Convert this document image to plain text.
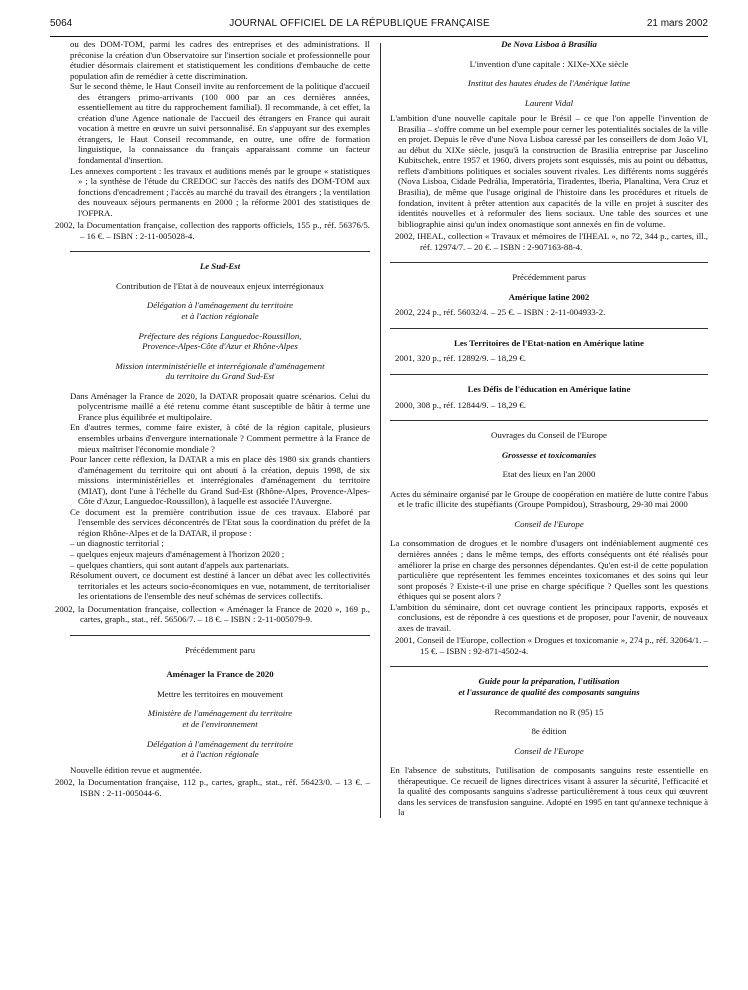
5064	JOURNAL OFFICIEL DE LA RÉPUBLIQUE FRANÇAISE	21 mars 2002

ou des DOM-TOM, parmi les cadres des entreprises et des administrations. Il préconise la création d'un Observatoire sur l'insertion sociale et professionnelle pour étudier désormais clairement et statistiquement les conditions d'embauche de cette population afin de remédier à cette discrimination.

Sur le second thème, le Haut Conseil invite au renforcement de la politique d'accueil des étrangers primo-arrivants (100 000 par an ces dernières années, essentiellement au titre du rapprochement familial). Il recommande, à cet effet, la création d'une Agence nationale de l'accueil des étrangers en France qui aurait vocation à mettre en œuvre un suivi personnalisé. En s'appuyant sur des exemples étrangers, le Haut Conseil recommande, en outre, une offre de formation linguistique, la connaissance du français apparaissant comme un facteur fondamental d'insertion.

Les annexes comportent : les travaux et auditions menés par le groupe « statistiques » ; la synthèse de l'étude du CREDOC sur l'accès des natifs des DOM-TOM aux fonctions d'encadrement ; l'accès au marché du travail des étrangers ; la ventilation des nouveaux séjours permanents en 2000 ; la réforme 2001 des statistiques de l'OFPRA.

2002, la Documentation française, collection des rapports officiels, 155 p., réf. 56376/5. – 16 €. – ISBN : 2-11-005028-4.

Le Sud-Est

Contribution de l'Etat à de nouveaux enjeux interrégionaux

Délégation à l'aménagement du territoire

et à l'action régionale

Préfecture des régions Languedoc-Roussillon,

Provence-Alpes-Côte d'Azur et Rhône-Alpes

Mission interministérielle et interrégionale d'aménagement

du territoire du Grand Sud-Est

Dans Aménager la France de 2020, la DATAR proposait quatre scénarios. Celui du polycentrisme maillé a été retenu comme étant susceptible de bâtir à terme une France plus équilibrée et multipolaire.

En d'autres termes, comme faire exister, à côté de la région capitale, plusieurs ensembles urbains d'envergure internationale ? Comment permettre à la France de mieux maîtriser l'économie mondiale ?

Pour lancer cette réflexion, la DATAR a mis en place dès 1980 six grands chantiers d'aménagement du territoire qui ont abouti à la création, depuis 1998, de six missions interministérielles et interrégionales d'aménagement du territoire (MIAT), dont l'une à l'échelle du Grand Sud-Est (Rhône-Alpes, Provence-Alpes-Côte d'Azur, Languedoc-Roussillon), à laquelle est associée l'Auvergne.

Ce document est la première contribution issue de ces travaux. Elaboré par l'ensemble des services déconcentrés de l'Etat sous la coordination du préfet de la région Rhône-Alpes et de la DATAR, il propose :

– un diagnostic territorial ;

– quelques enjeux majeurs d'aménagement à l'horizon 2020 ;

– quelques chantiers, qui sont autant d'appels aux partenariats.

Résolument ouvert, ce document est destiné à lancer un débat avec les collectivités territoriales et les acteurs socio-économiques en vue, notamment, de territorialiser les orientations de l'ensemble des neuf schémas de services collectifs.

2002, la Documentation française, collection « Aménager la France de 2020 », 169 p., cartes, graph., stat., réf. 56506/7. – 18 €. – ISBN : 2-11-005079-9.

Précédemment paru

Aménager la France de 2020

Mettre les territoires en mouvement

Ministère de l'aménagement du territoire

et de l'environnement

Délégation à l'aménagement du territoire

et à l'action régionale

Nouvelle édition revue et augmentée.

2002, la Documentation française, 112 p., cartes, graph., stat., réf. 56423/0. – 13 €. – ISBN : 2-11-005044-6.

De Nova Lisboa à Brasilia

L'invention d'une capitale : XIXe-XXe siècle

Institut des hautes études de l'Amérique latine

Laurent Vidal

L'ambition d'une nouvelle capitale pour le Brésil – ce que l'on appelle l'invention de Brasilia – s'offre comme un bel exemple pour cerner les potentialités sociales de la ville en projet. Depuis le rêve d'une Nova Lisboa caressé par les conseillers de dom João VI, au début du XIXe siècle, jusqu'à la construction de Brasilia entreprise par Juscelino Kubitschek, entre 1957 et 1960, divers projets sont esquissés, mis au point ou débattus, reflets d'ambitions politiques et sociales souvent rivales. Les différents noms suggérés (Nova Lisboa, Cidade Pedrália, Imperatória, Tiradentes, Iberia, Planaltina, Vera Cruz et Brasilia), de même que l'usage original de l'histoire dans les procédures et rituels de fondation, invitent à prêter attention aux capacités de la ville en projet à susciter des identités nouvelles et à reformuler des liens sociaux. Une table des sources et une bibliographie ainsi qu'un index onomastique sont annexés en fin de volume.

2002, IHEAL, collection « Travaux et mémoires de l'IHEAL », no 72, 344 p., cartes, ill., réf. 12974/7. – 20 €. – ISBN : 2-907163-88-4.

Précédemment parus

Amérique latine 2002

2002, 224 p., réf. 56032/4. – 25 €. – ISBN : 2-11-004933-2.

Les Territoires de l'Etat-nation en Amérique latine

2001, 320 p., réf. 12892/9. – 18,29 €.

Les Défis de l'éducation en Amérique latine

2000, 308 p., réf. 12844/9. – 18,29 €.

Ouvrages du Conseil de l'Europe

Grossesse et toxicomanies

Etat des lieux en l'an 2000

Actes du séminaire organisé par le Groupe de coopération en matière de lutte contre l'abus et le trafic illicite des stupéfiants (Groupe Pompidou), Strasbourg, 29-30 mai 2000

Conseil de l'Europe

La consommation de drogues et le nombre d'usagers ont indéniablement augmenté ces dernières années ; dans le même temps, des efforts conséquents ont été réalisés pour améliorer la prise en charge des personnes dépendantes. Qu'en est-il de cette population particulière que représentent les femmes enceintes toxicomanes et des soins qui leur sont proposés ? Existe-t-il une prise en charge spécifique ? Quelles sont les questions éthiques qui se posent alors ?

L'ambition du séminaire, dont cet ouvrage contient les principaux rapports, exposés et conclusions, est de répondre à ces questions et de proposer, pour l'avenir, de nouveaux axes de travail.

2001, Conseil de l'Europe, collection « Drogues et toxicomanie », 274 p., réf. 32064/1. – 15 €. – ISBN : 92-871-4502-4.

Guide pour la préparation, l'utilisation

et l'assurance de qualité des composants sanguins

Recommandation no R (95) 15

8e édition

Conseil de l'Europe

En l'absence de substituts, l'utilisation de composants sanguins reste essentielle en thérapeutique. Ce recueil de lignes directrices visant à assurer la sécurité, l'efficacité et la qualité des composants sanguins s'adresse particulièrement à tous ceux qui œuvrent dans les services de transfusion sanguine. Adopté en 1995 en tant qu'annexe technique à la
